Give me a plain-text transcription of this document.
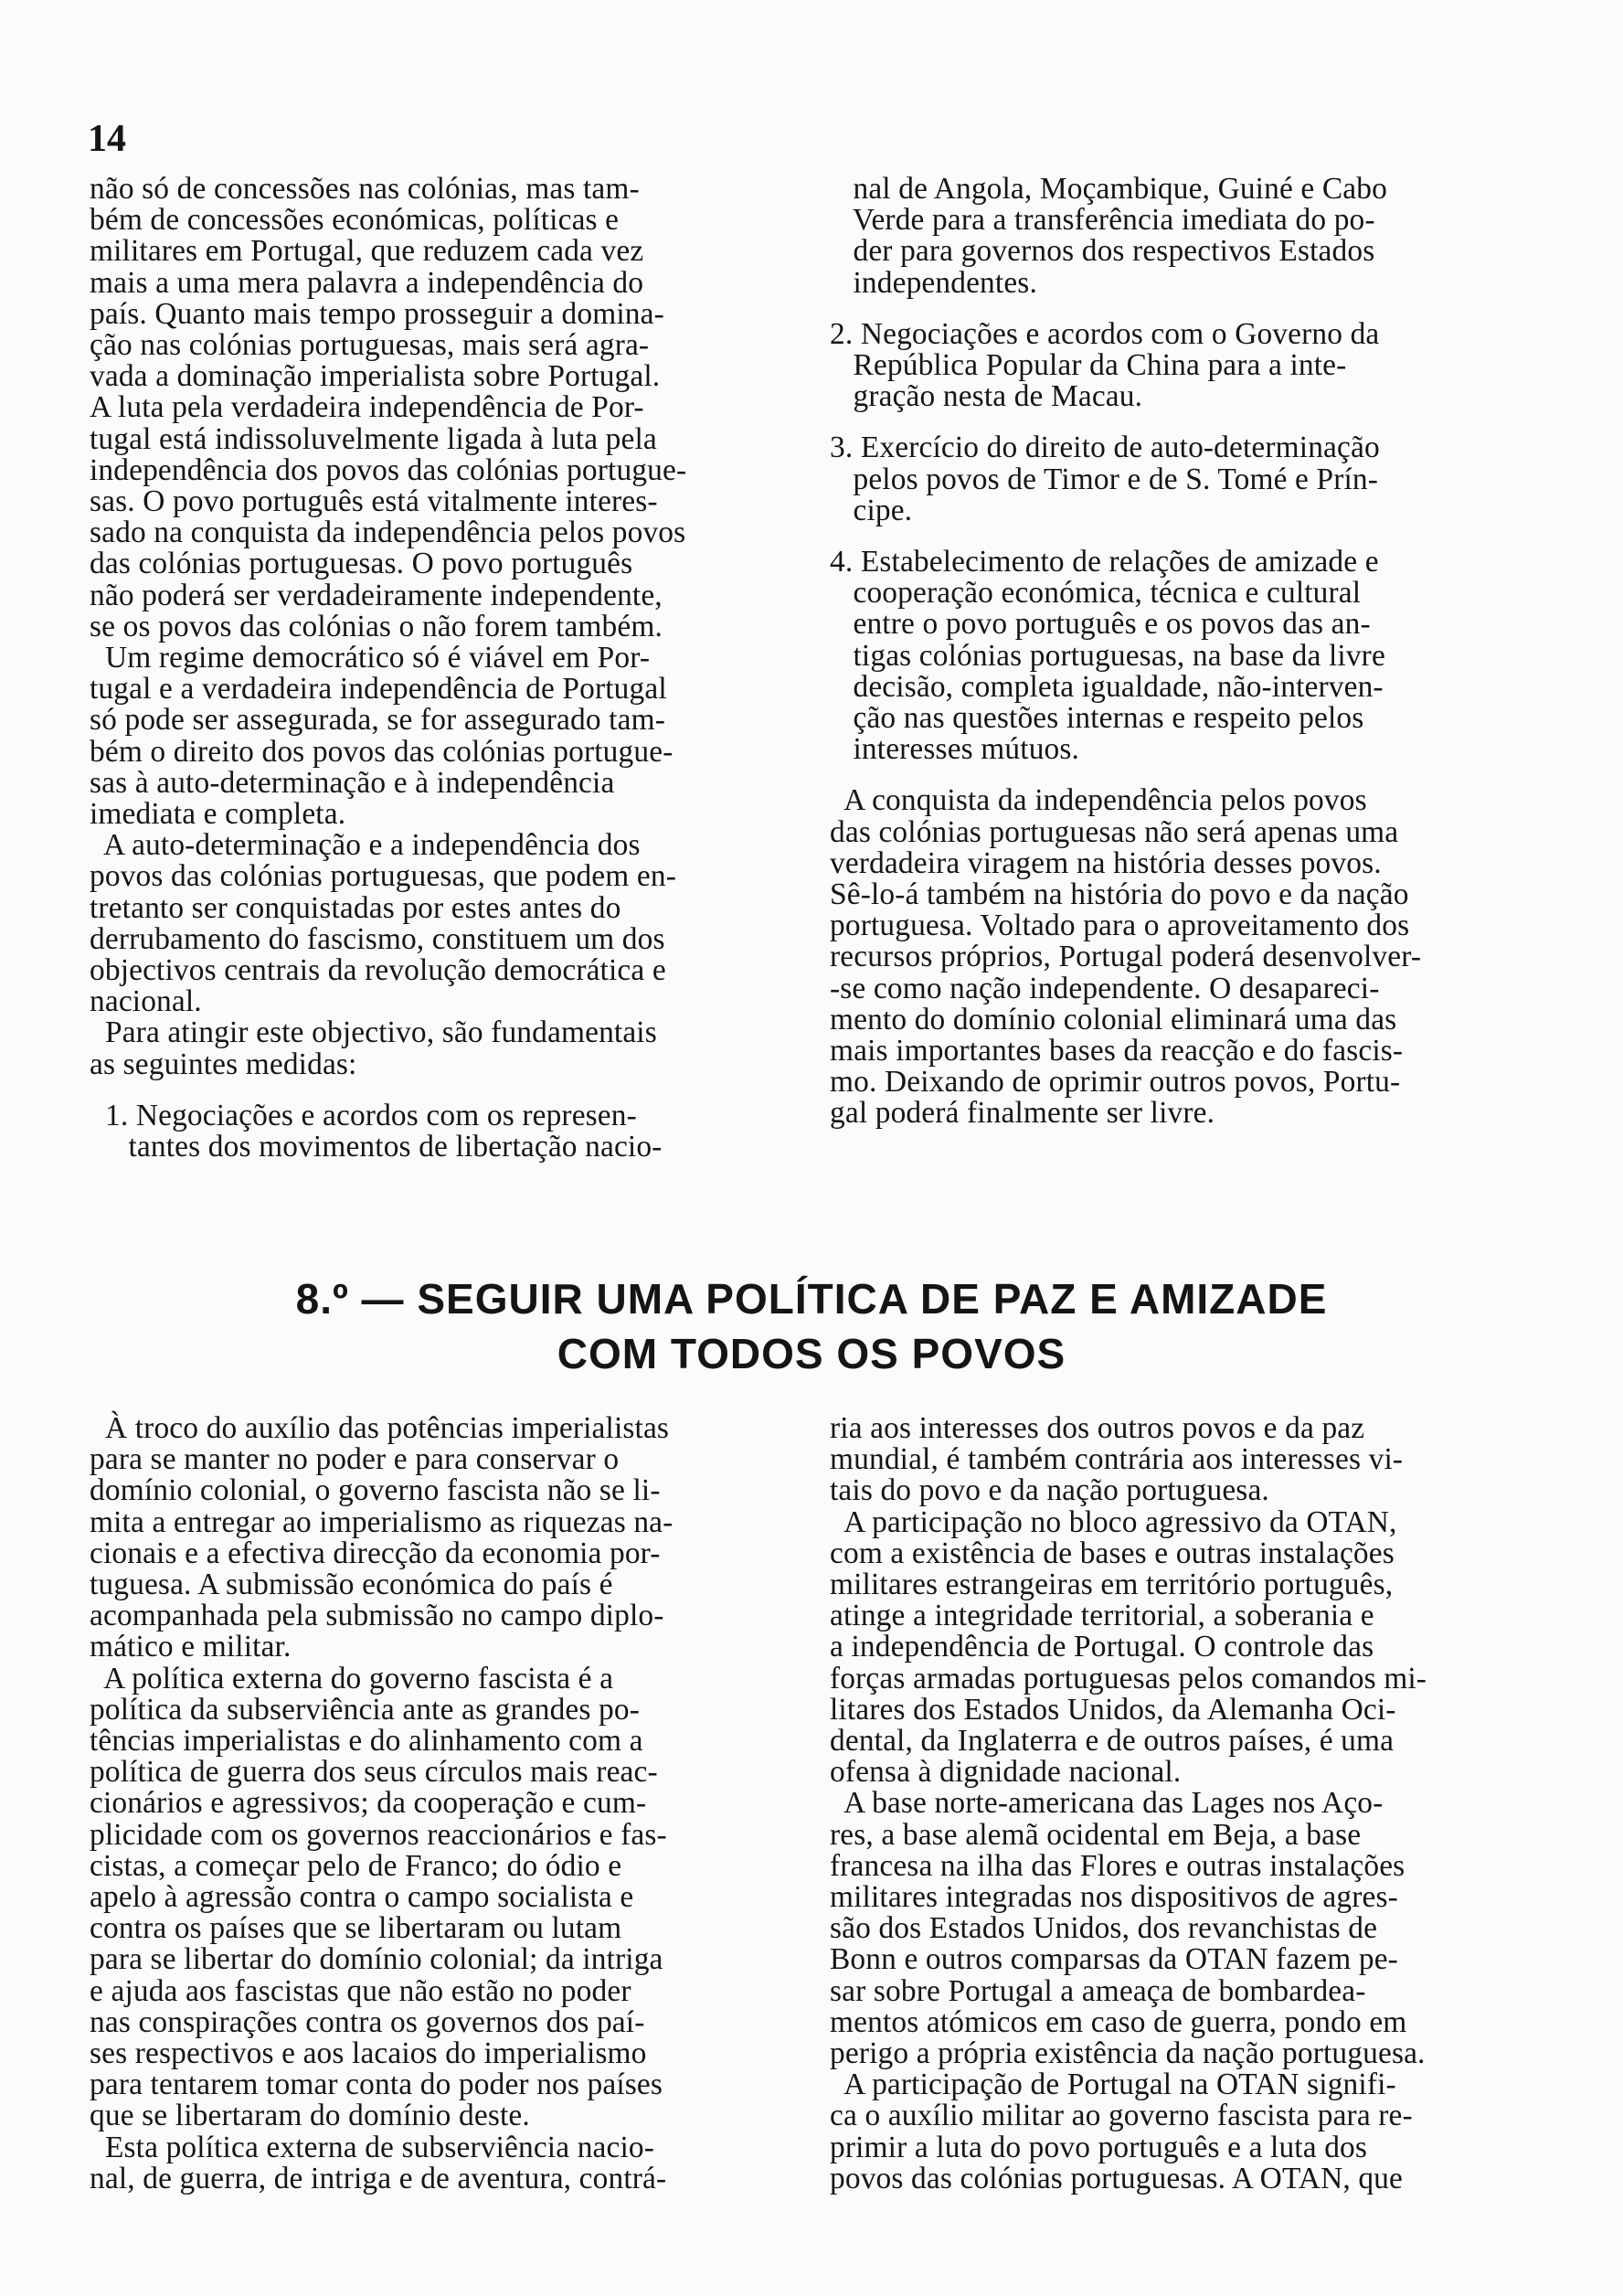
14

não só de concessões nas colónias, mas tam-

bém de concessões económicas, políticas e

militares em Portugal, que reduzem cada vez

mais a uma mera palavra a independência do

país. Quanto mais tempo prosseguir a domina-

ção nas colónias portuguesas, mais será agra-

vada a dominação imperialista sobre Portugal.

A luta pela verdadeira independência de Por-

tugal está indissoluvelmente ligada à luta pela

independência dos povos das colónias portugue-

sas. O povo português está vitalmente interes-

sado na conquista da independência pelos povos

das colónias portuguesas. O povo português

não poderá ser verdadeiramente independente,

se os povos das colónias o não forem também.

Um regime democrático só é viável em Por-

tugal e a verdadeira independência de Portugal

só pode ser assegurada, se for assegurado tam-

bém o direito dos povos das colónias portugue-

sas à auto-determinação e à independência

imediata e completa.

A auto-determinação e a independência dos

povos das colónias portuguesas, que podem en-

tretanto ser conquistadas por estes antes do

derrubamento do fascismo, constituem um dos

objectivos centrais da revolução democrática e

nacional.

Para atingir este objectivo, são fundamentais

as seguintes medidas:

1. Negociações e acordos com os represen-

tantes dos movimentos de libertação nacio-

nal de Angola, Moçambique, Guiné e Cabo

Verde para a transferência imediata do po-

der para governos dos respectivos Estados

independentes.

2. Negociações e acordos com o Governo da

República Popular da China para a inte-

gração nesta de Macau.

3. Exercício do direito de auto-determinação

pelos povos de Timor e de S. Tomé e Prín-

cipe.

4. Estabelecimento de relações de amizade e

cooperação económica, técnica e cultural

entre o povo português e os povos das an-

tigas colónias portuguesas, na base da livre

decisão, completa igualdade, não-interven-

ção nas questões internas e respeito pelos

interesses mútuos.

A conquista da independência pelos povos

das colónias portuguesas não será apenas uma

verdadeira viragem na história desses povos.

Sê-lo-á também na história do povo e da nação

portuguesa. Voltado para o aproveitamento dos

recursos próprios, Portugal poderá desenvolver-

-se como nação independente. O desapareci-

mento do domínio colonial eliminará uma das

mais importantes bases da reacção e do fascis-

mo. Deixando de oprimir outros povos, Portu-

gal poderá finalmente ser livre.

8.º — SEGUIR UMA POLÍTICA DE PAZ E AMIZADE
COM TODOS OS POVOS

À troco do auxílio das potências imperialistas

para se manter no poder e para conservar o

domínio colonial, o governo fascista não se li-

mita a entregar ao imperialismo as riquezas na-

cionais e a efectiva direcção da economia por-

tuguesa. A submissão económica do país é

acompanhada pela submissão no campo diplo-

mático e militar.

A política externa do governo fascista é a

política da subserviência ante as grandes po-

tências imperialistas e do alinhamento com a

política de guerra dos seus círculos mais reac-

cionários e agressivos; da cooperação e cum-

plicidade com os governos reaccionários e fas-

cistas, a começar pelo de Franco; do ódio e

apelo à agressão contra o campo socialista e

contra os países que se libertaram ou lutam

para se libertar do domínio colonial; da intriga

e ajuda aos fascistas que não estão no poder

nas conspirações contra os governos dos paí-

ses respectivos e aos lacaios do imperialismo

para tentarem tomar conta do poder nos países

que se libertaram do domínio deste.

Esta política externa de subserviência nacio-

nal, de guerra, de intriga e de aventura, contrá-

ria aos interesses dos outros povos e da paz

mundial, é também contrária aos interesses vi-

tais do povo e da nação portuguesa.

A participação no bloco agressivo da OTAN,

com a existência de bases e outras instalações

militares estrangeiras em território português,

atinge a integridade territorial, a soberania e

a independência de Portugal. O controle das

forças armadas portuguesas pelos comandos mi-

litares dos Estados Unidos, da Alemanha Oci-

dental, da Inglaterra e de outros países, é uma

ofensa à dignidade nacional.

A base norte-americana das Lages nos Aço-

res, a base alemã ocidental em Beja, a base

francesa na ilha das Flores e outras instalações

militares integradas nos dispositivos de agres-

são dos Estados Unidos, dos revanchistas de

Bonn e outros comparsas da OTAN fazem pe-

sar sobre Portugal a ameaça de bombardea-

mentos atómicos em caso de guerra, pondo em

perigo a própria existência da nação portuguesa.

A participação de Portugal na OTAN signifi-

ca o auxílio militar ao governo fascista para re-

primir a luta do povo português e a luta dos

povos das colónias portuguesas. A OTAN, que
